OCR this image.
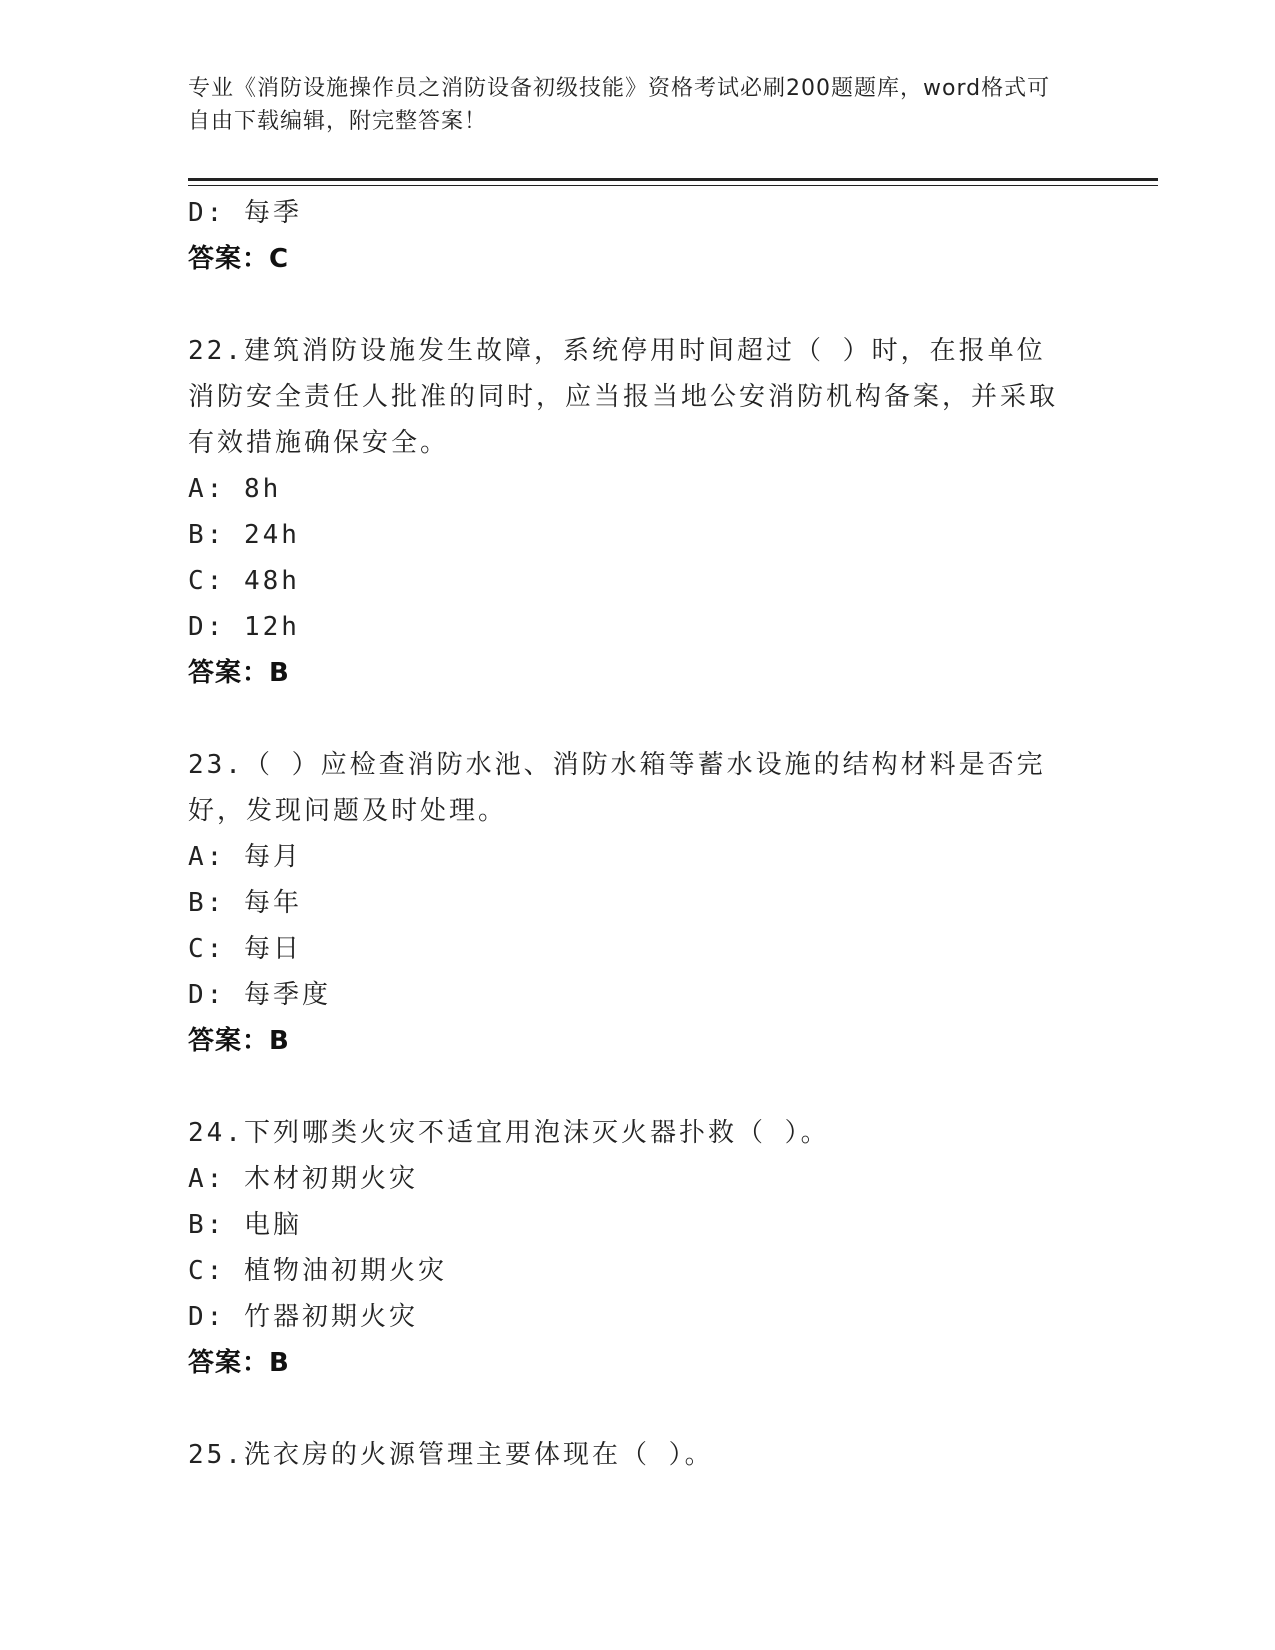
专业《消防设施操作员之消防设备初级技能》资格考试必刷200题题库，word格式可自由下载编辑，附完整答案！
D: 每季
答案：C
22.建筑消防设施发生故障，系统停用时间超过（ ）时，在报单位消防安全责任人批准的同时，应当报当地公安消防机构备案，并采取有效措施确保安全。
A: 8h
B: 24h
C: 48h
D: 12h
答案：B
23.（ ）应检查消防水池、消防水箱等蓄水设施的结构材料是否完好，发现问题及时处理。
A: 每月
B: 每年
C: 每日
D: 每季度
答案：B
24.下列哪类火灾不适宜用泡沫灭火器扑救（ ）。
A: 木材初期火灾
B: 电脑
C: 植物油初期火灾
D: 竹器初期火灾
答案：B
25.洗衣房的火源管理主要体现在（ ）。
